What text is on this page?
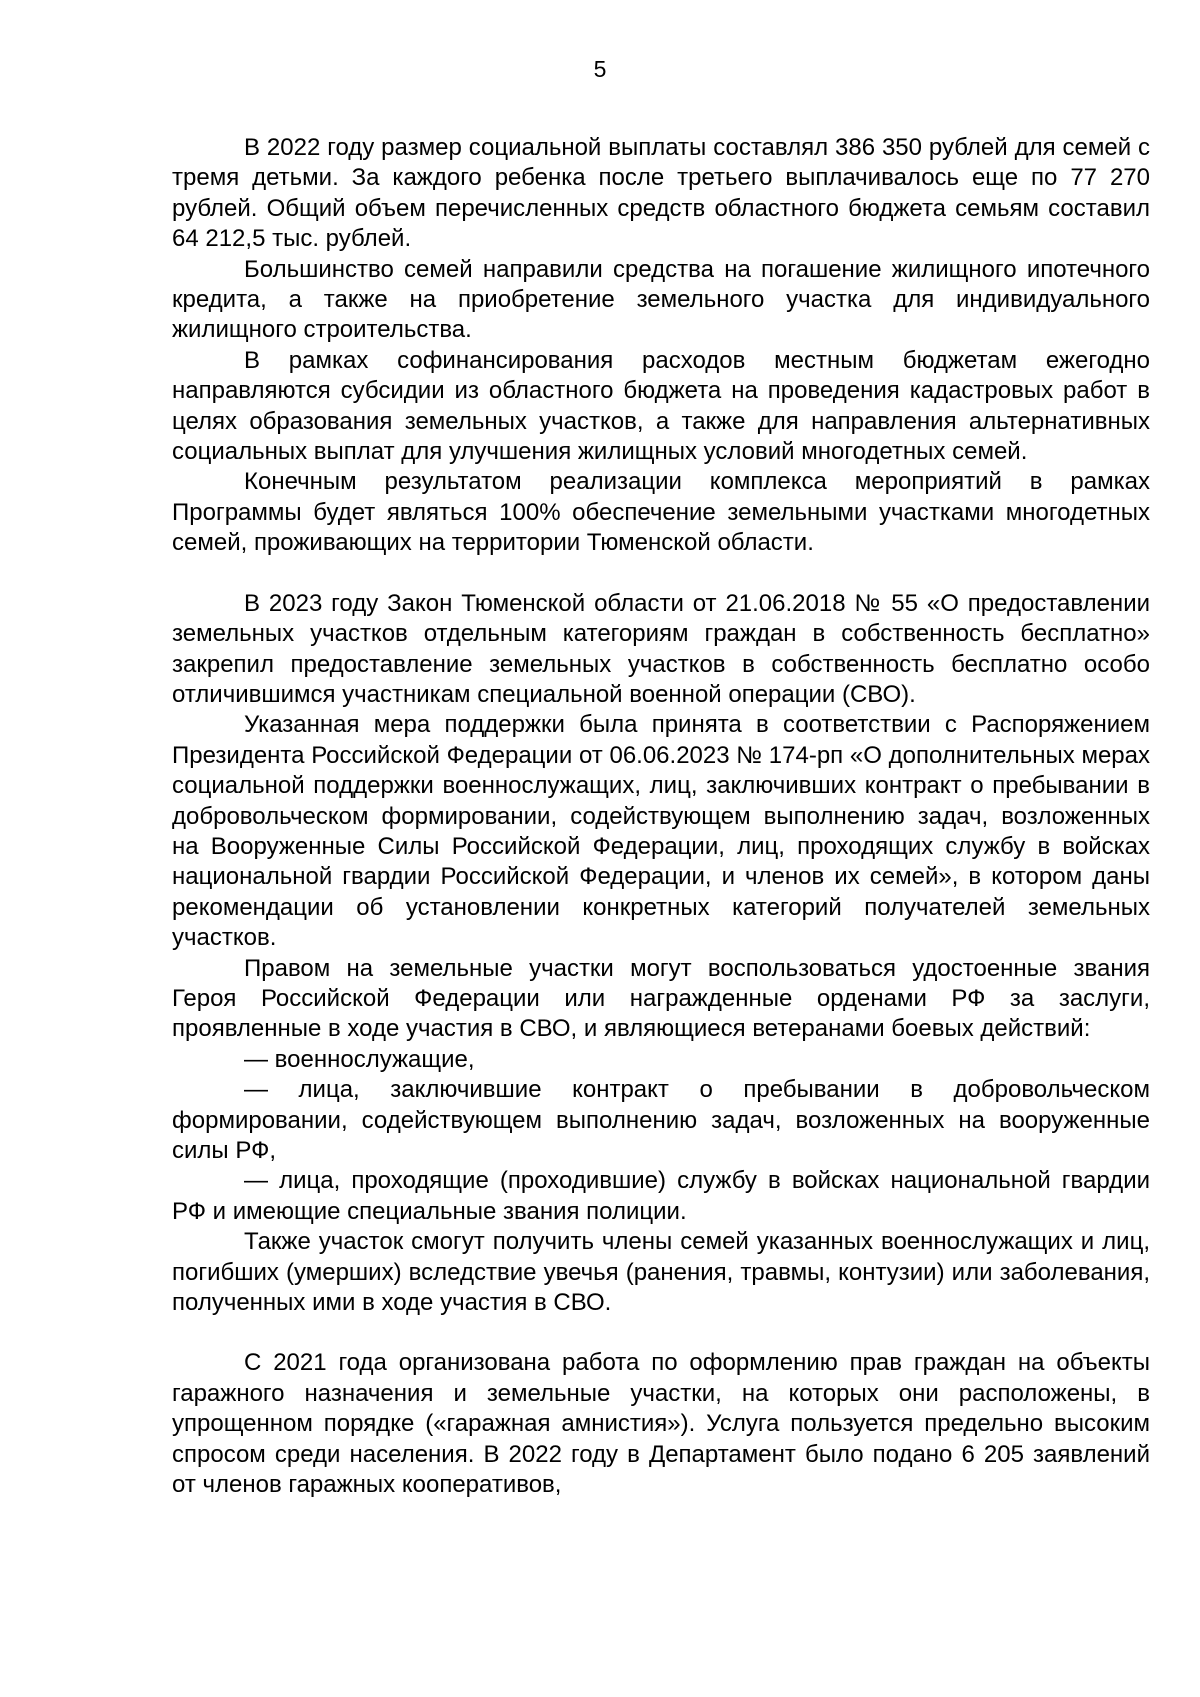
5

В 2022 году размер социальной выплаты составлял 386 350 рублей для семей с тремя детьми. За каждого ребенка после третьего выплачивалось еще по 77 270 рублей. Общий объем перечисленных средств областного бюджета семьям составил 64 212,5 тыс. рублей.

Большинство семей направили средства на погашение жилищного ипотечного кредита, а также на приобретение земельного участка для индивидуального жилищного строительства.

В рамках софинансирования расходов местным бюджетам ежегодно направляются субсидии из областного бюджета на проведения кадастровых работ в целях образования земельных участков, а также для направления альтернативных социальных выплат для улучшения жилищных условий многодетных семей.

Конечным результатом реализации комплекса мероприятий в рамках Программы будет являться 100% обеспечение земельными участками многодетных семей, проживающих на территории Тюменской области.

В 2023 году Закон Тюменской области от 21.06.2018 № 55 «О предоставлении земельных участков отдельным категориям граждан в собственность бесплатно» закрепил предоставление земельных участков в собственность бесплатно особо отличившимся участникам специальной военной операции (СВО).

Указанная мера поддержки была принята в соответствии с Распоряжением Президента Российской Федерации от 06.06.2023 № 174-рп «О дополнительных мерах социальной поддержки военнослужащих, лиц, заключивших контракт о пребывании в добровольческом формировании, содействующем выполнению задач, возложенных на Вооруженные Силы Российской Федерации, лиц, проходящих службу в войсках национальной гвардии Российской Федерации, и членов их семей», в котором даны рекомендации об установлении конкретных категорий получателей земельных участков.

Правом на земельные участки могут воспользоваться удостоенные звания Героя Российской Федерации или награжденные орденами РФ за заслуги, проявленные в ходе участия в СВО, и являющиеся ветеранами боевых действий:

— военнослужащие,

— лица, заключившие контракт о пребывании в добровольческом формировании, содействующем выполнению задач, возложенных на вооруженные силы РФ,

— лица, проходящие (проходившие) службу в войсках национальной гвардии РФ и имеющие специальные звания полиции.

Также участок смогут получить члены семей указанных военнослужащих и лиц, погибших (умерших) вследствие увечья (ранения, травмы, контузии) или заболевания, полученных ими в ходе участия в СВО.

С 2021 года организована работа по оформлению прав граждан на объекты гаражного назначения и земельные участки, на которых они расположены, в упрощенном порядке («гаражная амнистия»). Услуга пользуется предельно высоким спросом среди населения. В 2022 году в Департамент было подано 6 205 заявлений от членов гаражных кооперативов,
